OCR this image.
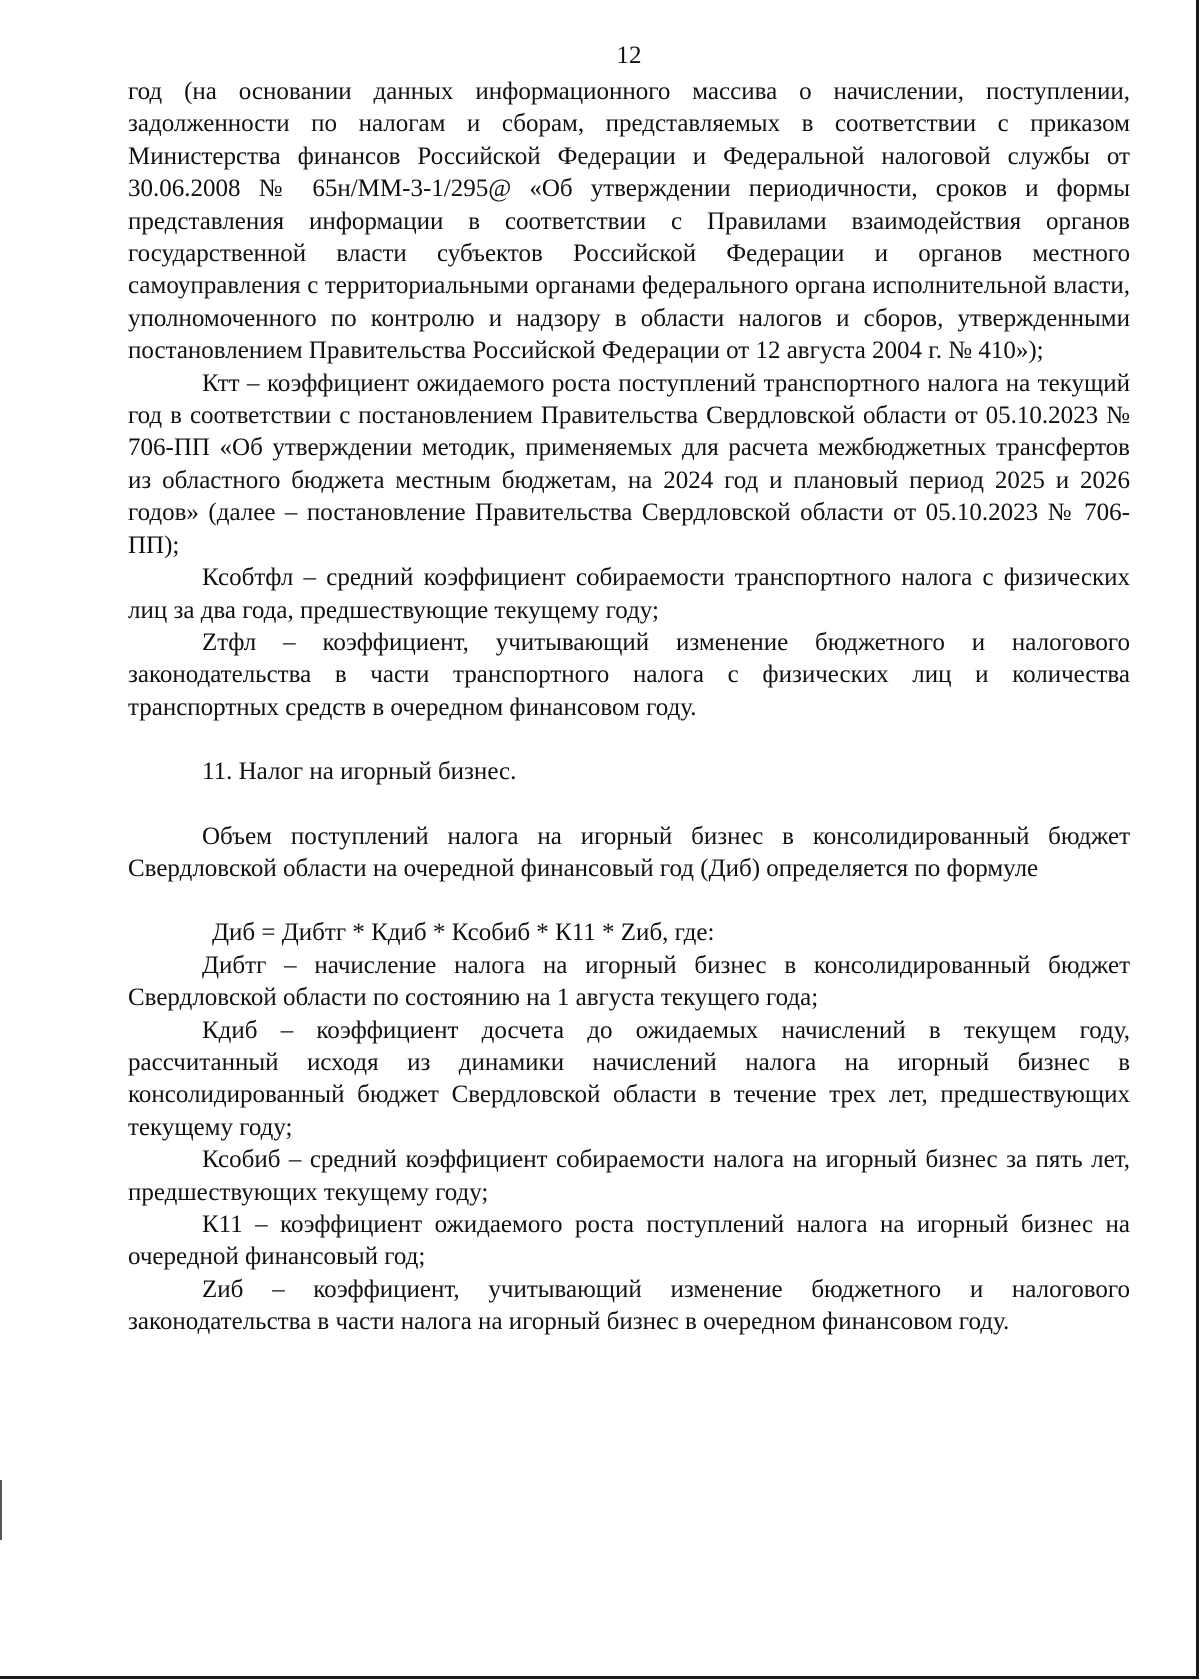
12

год (на основании данных информационного массива о начислении, поступлении, задолженности по налогам и сборам, представляемых в соответствии с приказом Министерства финансов Российской Федерации и Федеральной налоговой службы от 30.06.2008 № 65н/ММ-3-1/295@ «Об утверждении периодичности, сроков и формы представления информации в соответствии с Правилами взаимодействия органов государственной власти субъектов Российской Федерации и органов местного самоуправления с территориальными органами федерального органа исполнительной власти, уполномоченного по контролю и надзору в области налогов и сборов, утвержденными постановлением Правительства Российской Федерации от 12 августа 2004 г. № 410»);

Ктт – коэффициент ожидаемого роста поступлений транспортного налога на текущий год в соответствии с постановлением Правительства Свердловской области от 05.10.2023 № 706-ПП «Об утверждении методик, применяемых для расчета межбюджетных трансфертов из областного бюджета местным бюджетам, на 2024 год и плановый период 2025 и 2026 годов» (далее – постановление Правительства Свердловской области от 05.10.2023 № 706-ПП);

Ксобтфл – средний коэффициент собираемости транспортного налога с физических лиц за два года, предшествующие текущему году;

Zтфл – коэффициент, учитывающий изменение бюджетного и налогового законодательства в части транспортного налога с физических лиц и количества транспортных средств в очередном финансовом году.

11. Налог на игорный бизнес.

Объем поступлений налога на игорный бизнес в консолидированный бюджет Свердловской области на очередной финансовый год (Диб) определяется по формуле

Диб = Дибтг * Кдиб * Ксобиб * К11 * Zиб, где:

Дибтг – начисление налога на игорный бизнес в консолидированный бюджет Свердловской области по состоянию на 1 августа текущего года;

Кдиб – коэффициент досчета до ожидаемых начислений в текущем году, рассчитанный исходя из динамики начислений налога на игорный бизнес в консолидированный бюджет Свердловской области в течение трех лет, предшествующих текущему году;

Ксобиб – средний коэффициент собираемости налога на игорный бизнес за пять лет, предшествующих текущему году;

К11 – коэффициент ожидаемого роста поступлений налога на игорный бизнес на очередной финансовый год;

Zиб – коэффициент, учитывающий изменение бюджетного и налогового законодательства в части налога на игорный бизнес в очередном финансовом году.
